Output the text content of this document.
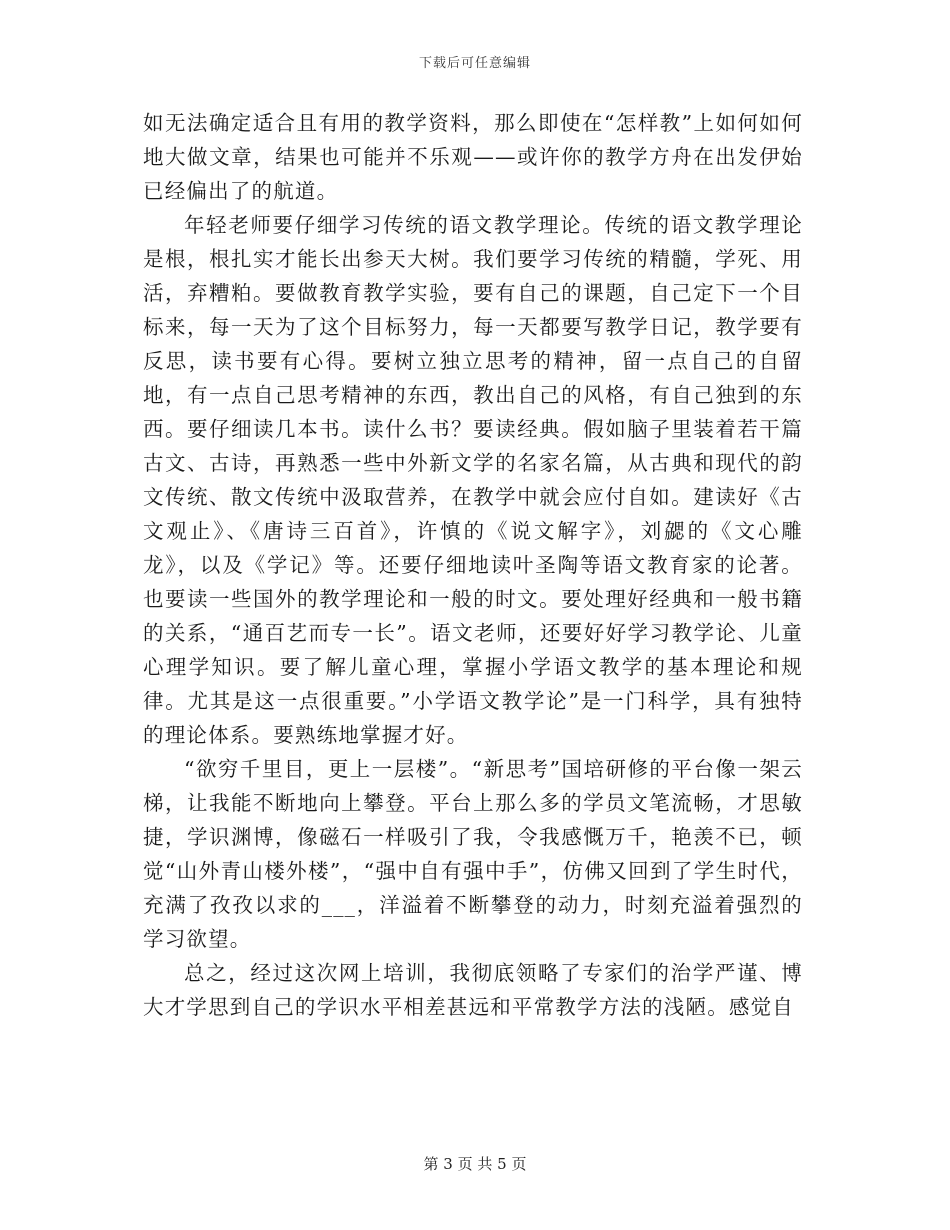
下载后可任意编辑

如无法确定适合且有用的教学资料，那么即使在“怎样教”上如何如何地大做文章，结果也可能并不乐观——或许你的教学方舟在出发伊始已经偏出了的航道。

年轻老师要仔细学习传统的语文教学理论。传统的语文教学理论是根，根扎实才能长出参天大树。我们要学习传统的精髓，学死、用活，弃糟粕。要做教育教学实验，要有自己的课题，自己定下一个目标来，每一天为了这个目标努力，每一天都要写教学日记，教学要有反思，读书要有心得。要树立独立思考的精神，留一点自己的自留地，有一点自己思考精神的东西，教出自己的风格，有自己独到的东西。要仔细读几本书。读什么书？要读经典。假如脑子里装着若干篇古文、古诗，再熟悉一些中外新文学的名家名篇，从古典和现代的韵文传统、散文传统中汲取营养，在教学中就会应付自如。建读好《古文观止》、《唐诗三百首》，许慎的《说文解字》，刘勰的《文心雕龙》，以及《学记》等。还要仔细地读叶圣陶等语文教育家的论著。也要读一些国外的教学理论和一般的时文。要处理好经典和一般书籍的关系，“通百艺而专一长”。语文老师，还要好好学习教学论、儿童心理学知识。要了解儿童心理，掌握小学语文教学的基本理论和规律。尤其是这一点很重要。”小学语文教学论”是一门科学，具有独特的理论体系。要熟练地掌握才好。

“欲穷千里目，更上一层楼”。“新思考”国培研修的平台像一架云梯，让我能不断地向上攀登。平台上那么多的学员文笔流畅，才思敏捷，学识渊博，像磁石一样吸引了我，令我感慨万千，艳羡不已，顿觉“山外青山楼外楼”，“强中自有强中手”，仿佛又回到了学生时代，充满了孜孜以求的___，洋溢着不断攀登的动力，时刻充溢着强烈的学习欲望。

总之，经过这次网上培训，我彻底领略了专家们的治学严谨、博大才学思到自己的学识水平相差甚远和平常教学方法的浅陋。感觉自

第 3 页 共 5 页
